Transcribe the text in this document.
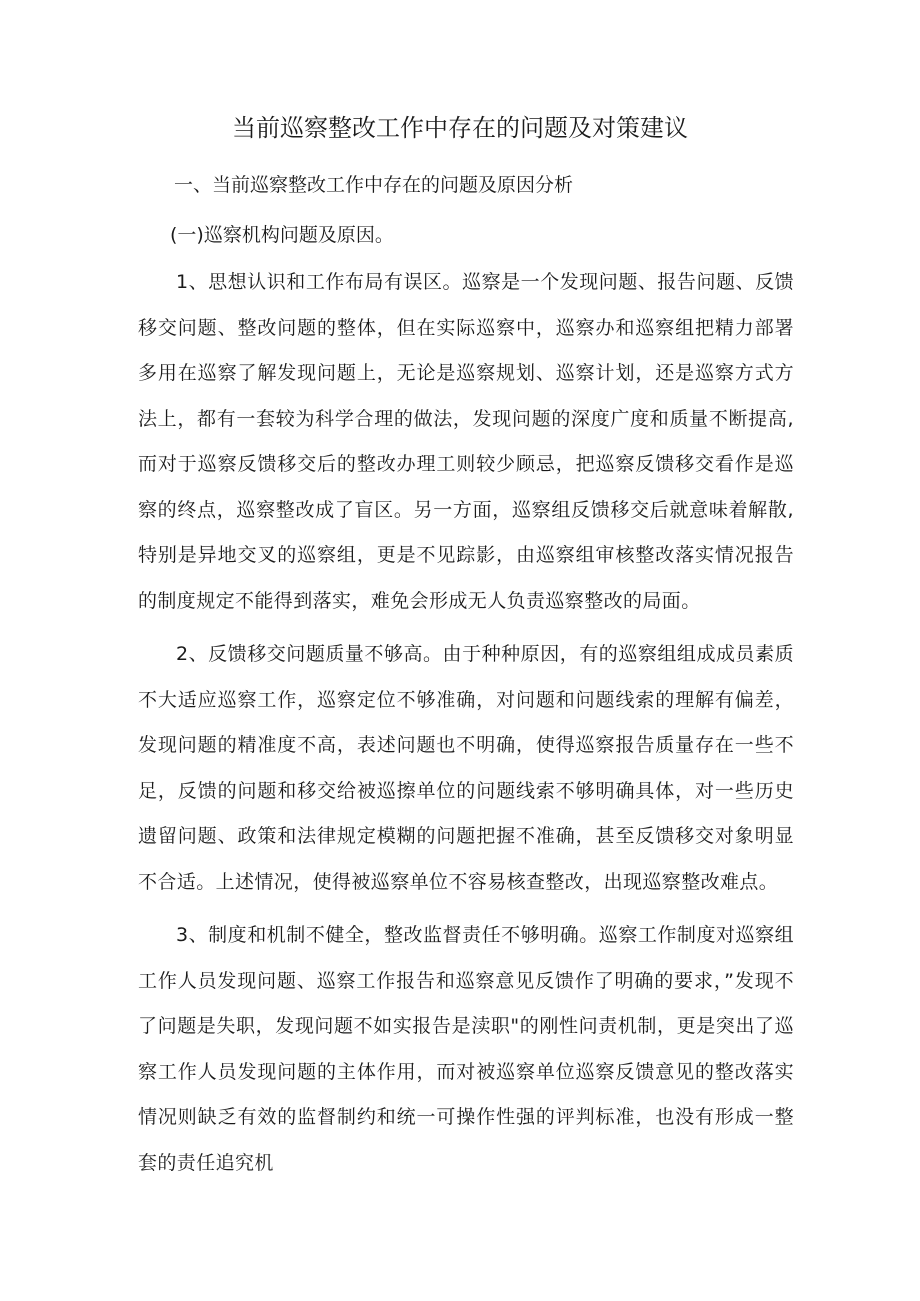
当前巡察整改工作中存在的问题及对策建议

一、当前巡察整改工作中存在的问题及原因分析

(一)巡察机构问题及原因。

1、思想认识和工作布局有误区。巡察是一个发现问题、报告问题、反馈移交问题、整改问题的整体，但在实际巡察中，巡察办和巡察组把精力部署多用在巡察了解发现问题上，无论是巡察规划、巡察计划，还是巡察方式方法上，都有一套较为科学合理的做法，发现问题的深度广度和质量不断提高,而对于巡察反馈移交后的整改办理工则较少顾忌，把巡察反馈移交看作是巡察的终点，巡察整改成了盲区。另一方面，巡察组反馈移交后就意味着解散,特别是异地交叉的巡察组，更是不见踪影，由巡察组审核整改落实情况报告的制度规定不能得到落实，难免会形成无人负责巡察整改的局面。

2、反馈移交问题质量不够高。由于种种原因，有的巡察组组成成员素质不大适应巡察工作，巡察定位不够准确，对问题和问题线索的理解有偏差，发现问题的精准度不高，表述问题也不明确，使得巡察报告质量存在一些不足，反馈的问题和移交给被巡擦单位的问题线索不够明确具体，对一些历史遗留问题、政策和法律规定模糊的问题把握不准确，甚至反馈移交对象明显不合适。上述情况，使得被巡察单位不容易核查整改，出现巡察整改难点。

3、制度和机制不健全，整改监督责任不够明确。巡察工作制度对巡察组工作人员发现问题、巡察工作报告和巡察意见反馈作了明确的要求，”发现不了问题是失职，发现问题不如实报告是渎职"的刚性问责机制，更是突出了巡察工作人员发现问题的主体作用，而对被巡察单位巡察反馈意见的整改落实情况则缺乏有效的监督制约和统一可操作性强的评判标准，也没有形成一整套的责任追究机
